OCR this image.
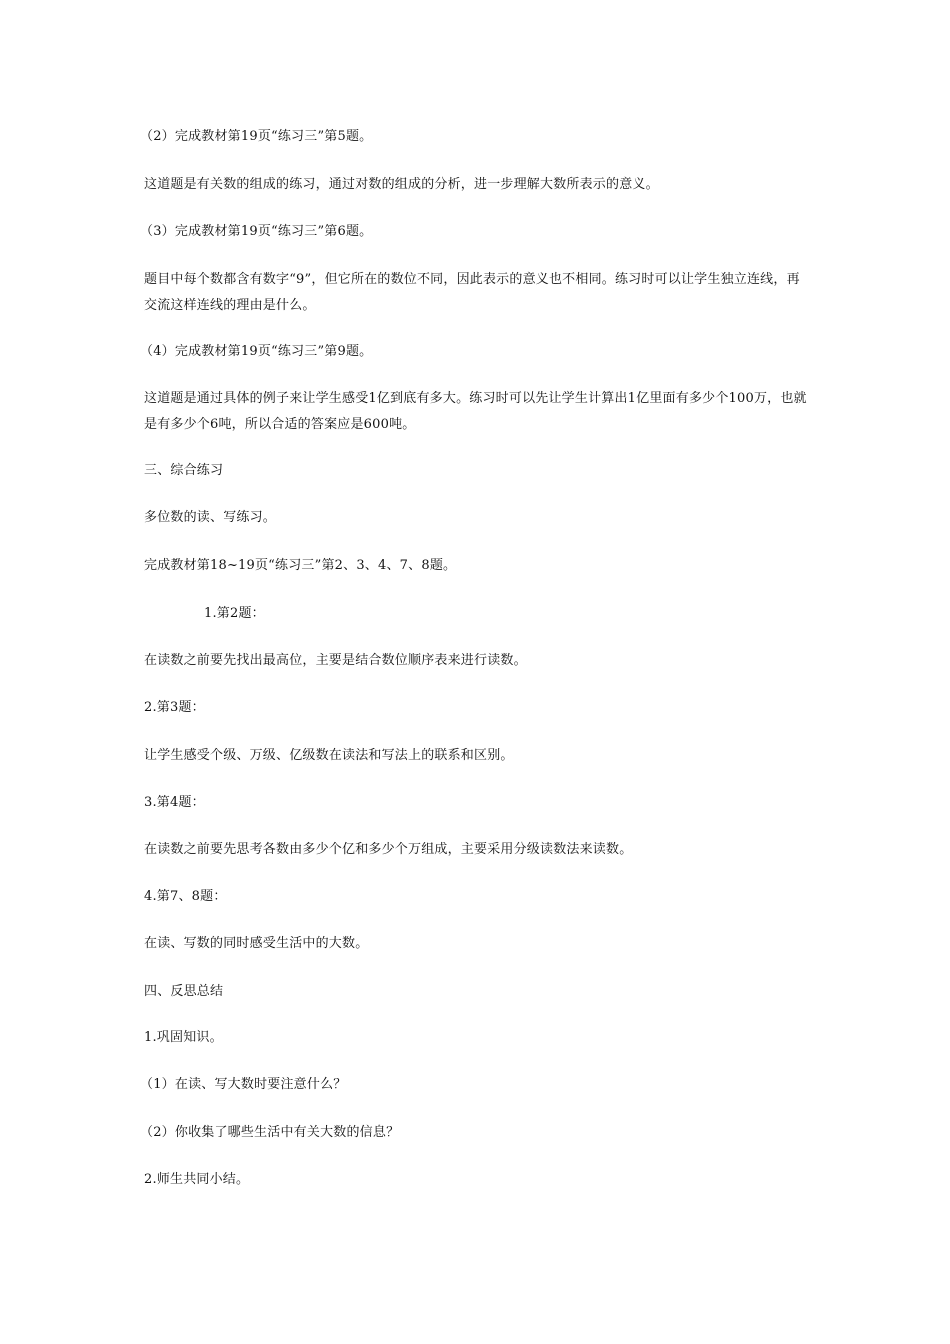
（2）完成教材第19页“练习三”第5题。
这道题是有关数的组成的练习，通过对数的组成的分析，进一步理解大数所表示的意义。
（3）完成教材第19页“练习三”第6题。
题目中每个数都含有数字“9”，但它所在的数位不同，因此表示的意义也不相同。练习时可以让学生独立连线，再交流这样连线的理由是什么。
（4）完成教材第19页“练习三”第9题。
这道题是通过具体的例子来让学生感受1亿到底有多大。练习时可以先让学生计算出1亿里面有多少个100万，也就是有多少个6吨，所以合适的答案应是600吨。
三、综合练习
多位数的读、写练习。
完成教材第18~19页“练习三”第2、3、4、7、8题。
1.第2题：
在读数之前要先找出最高位，主要是结合数位顺序表来进行读数。
2.第3题：
让学生感受个级、万级、亿级数在读法和写法上的联系和区别。
3.第4题：
在读数之前要先思考各数由多少个亿和多少个万组成，主要采用分级读数法来读数。
4.第7、8题：
在读、写数的同时感受生活中的大数。
四、反思总结
1.巩固知识。
（1）在读、写大数时要注意什么？
（2）你收集了哪些生活中有关大数的信息？
2.师生共同小结。
